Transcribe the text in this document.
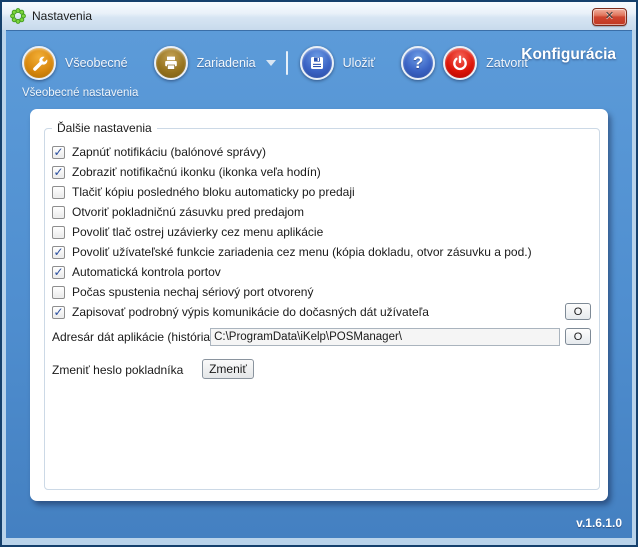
Nastavenia	✕
Všeobecné	Zariadenia	Uložiť ?	Zatvoriť
Konfigurácia
Všeobecné nastavenia
Ďalšie nastavenia
✓
Zapnúť notifikáciu (balónové správy)
✓
Zobraziť notifikačnú ikonku (ikonka veľa hodín)
Tlačiť kópiu posledného bloku automaticky po predaji
Otvoriť pokladničnú zásuvku pred predajom
Povoliť tlač ostrej uzávierky cez menu aplikácie
✓
Povoliť užívateľské funkcie zariadenia cez menu (kópia dokladu, otvor zásuvku a pod.)
✓
Automatická kontrola portov
Počas spustenia nechaj sériový port otvorený
✓
Zapisovať podrobný výpis komunikácie do dočasných dát užívateľa	O
Adresár dát aplikácie (história
C:\ProgramData\iKelp\POSManager\	O
Zmeniť heslo pokladníka	Zmeniť
v.1.6.1.0
